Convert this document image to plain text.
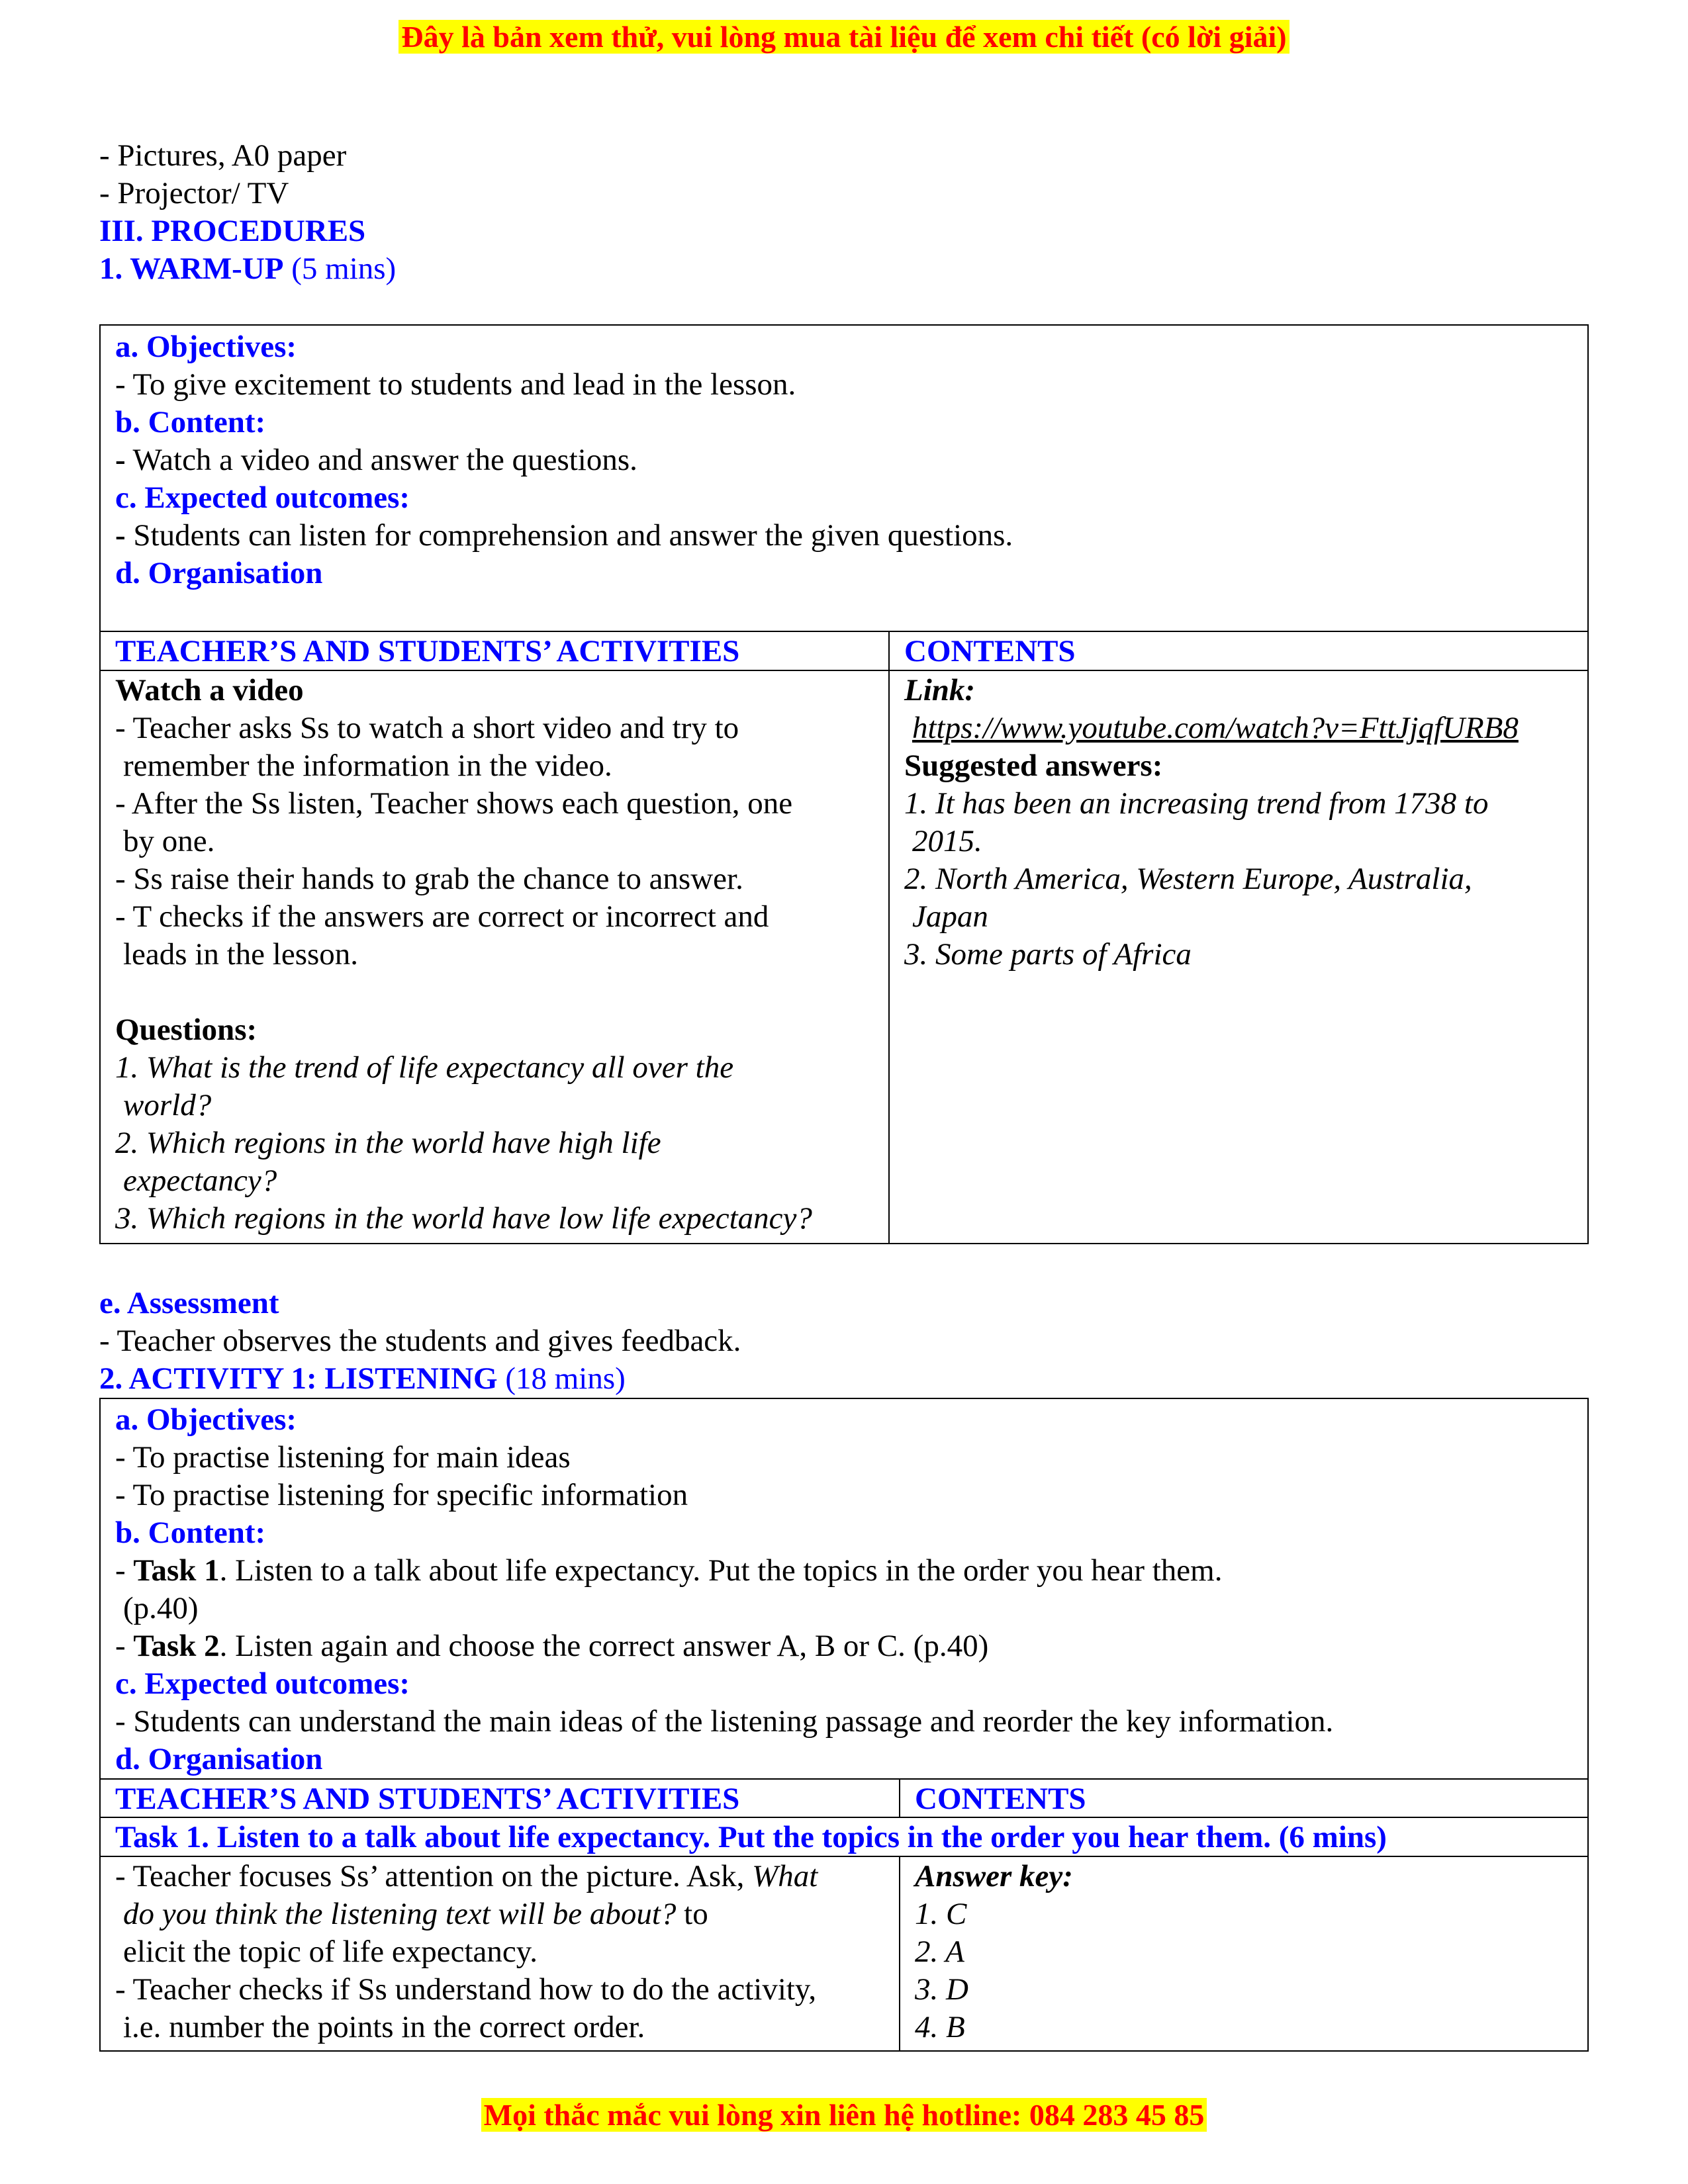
Đây là bản xem thử, vui lòng mua tài liệu để xem chi tiết (có lời giải)
- Pictures, A0 paper
- Projector/ TV
III. PROCEDURES
1. WARM-UP (5 mins)
a. Objectives:
- To give excitement to students and lead in the lesson.
b. Content:
- Watch a video and answer the questions.
c. Expected outcomes:
- Students can listen for comprehension and answer the given questions.
d. Organisation
TEACHER’S AND STUDENTS’ ACTIVITIES	CONTENTS
Watch a video
- Teacher asks Ss to watch a short video and try to
remember the information in the video.
- After the Ss listen, Teacher shows each question, one
by one.
- Ss raise their hands to grab the chance to answer.
- T checks if the answers are correct or incorrect and
leads in the lesson.
Questions:
1. What is the trend of life expectancy all over the
world?
2. Which regions in the world have high life
expectancy?
3. Which regions in the world have low life expectancy?
Link:
https://www.youtube.com/watch?v=FttJjqfURB8
Suggested answers:
1. It has been an increasing trend from 1738 to
2015.
2. North America, Western Europe, Australia,
Japan
3. Some parts of Africa
e. Assessment
- Teacher observes the students and gives feedback.
2. ACTIVITY 1: LISTENING (18 mins)
a. Objectives:
- To practise listening for main ideas
- To practise listening for specific information
b. Content:
- Task 1. Listen to a talk about life expectancy. Put the topics in the order you hear them.
(p.40)
- Task 2. Listen again and choose the correct answer A, B or C. (p.40)
c. Expected outcomes:
- Students can understand the main ideas of the listening passage and reorder the key information.
d. Organisation
TEACHER’S AND STUDENTS’ ACTIVITIES	CONTENTS
Task 1. Listen to a talk about life expectancy. Put the topics in the order you hear them. (6 mins)
- Teacher focuses Ss’ attention on the picture. Ask, What
do you think the listening text will be about? to
elicit the topic of life expectancy.
- Teacher checks if Ss understand how to do the activity,
i.e. number the points in the correct order.
Answer key:
1. C
2. A
3. D
4. B
Mọi thắc mắc vui lòng xin liên hệ hotline: 084 283 45 85
